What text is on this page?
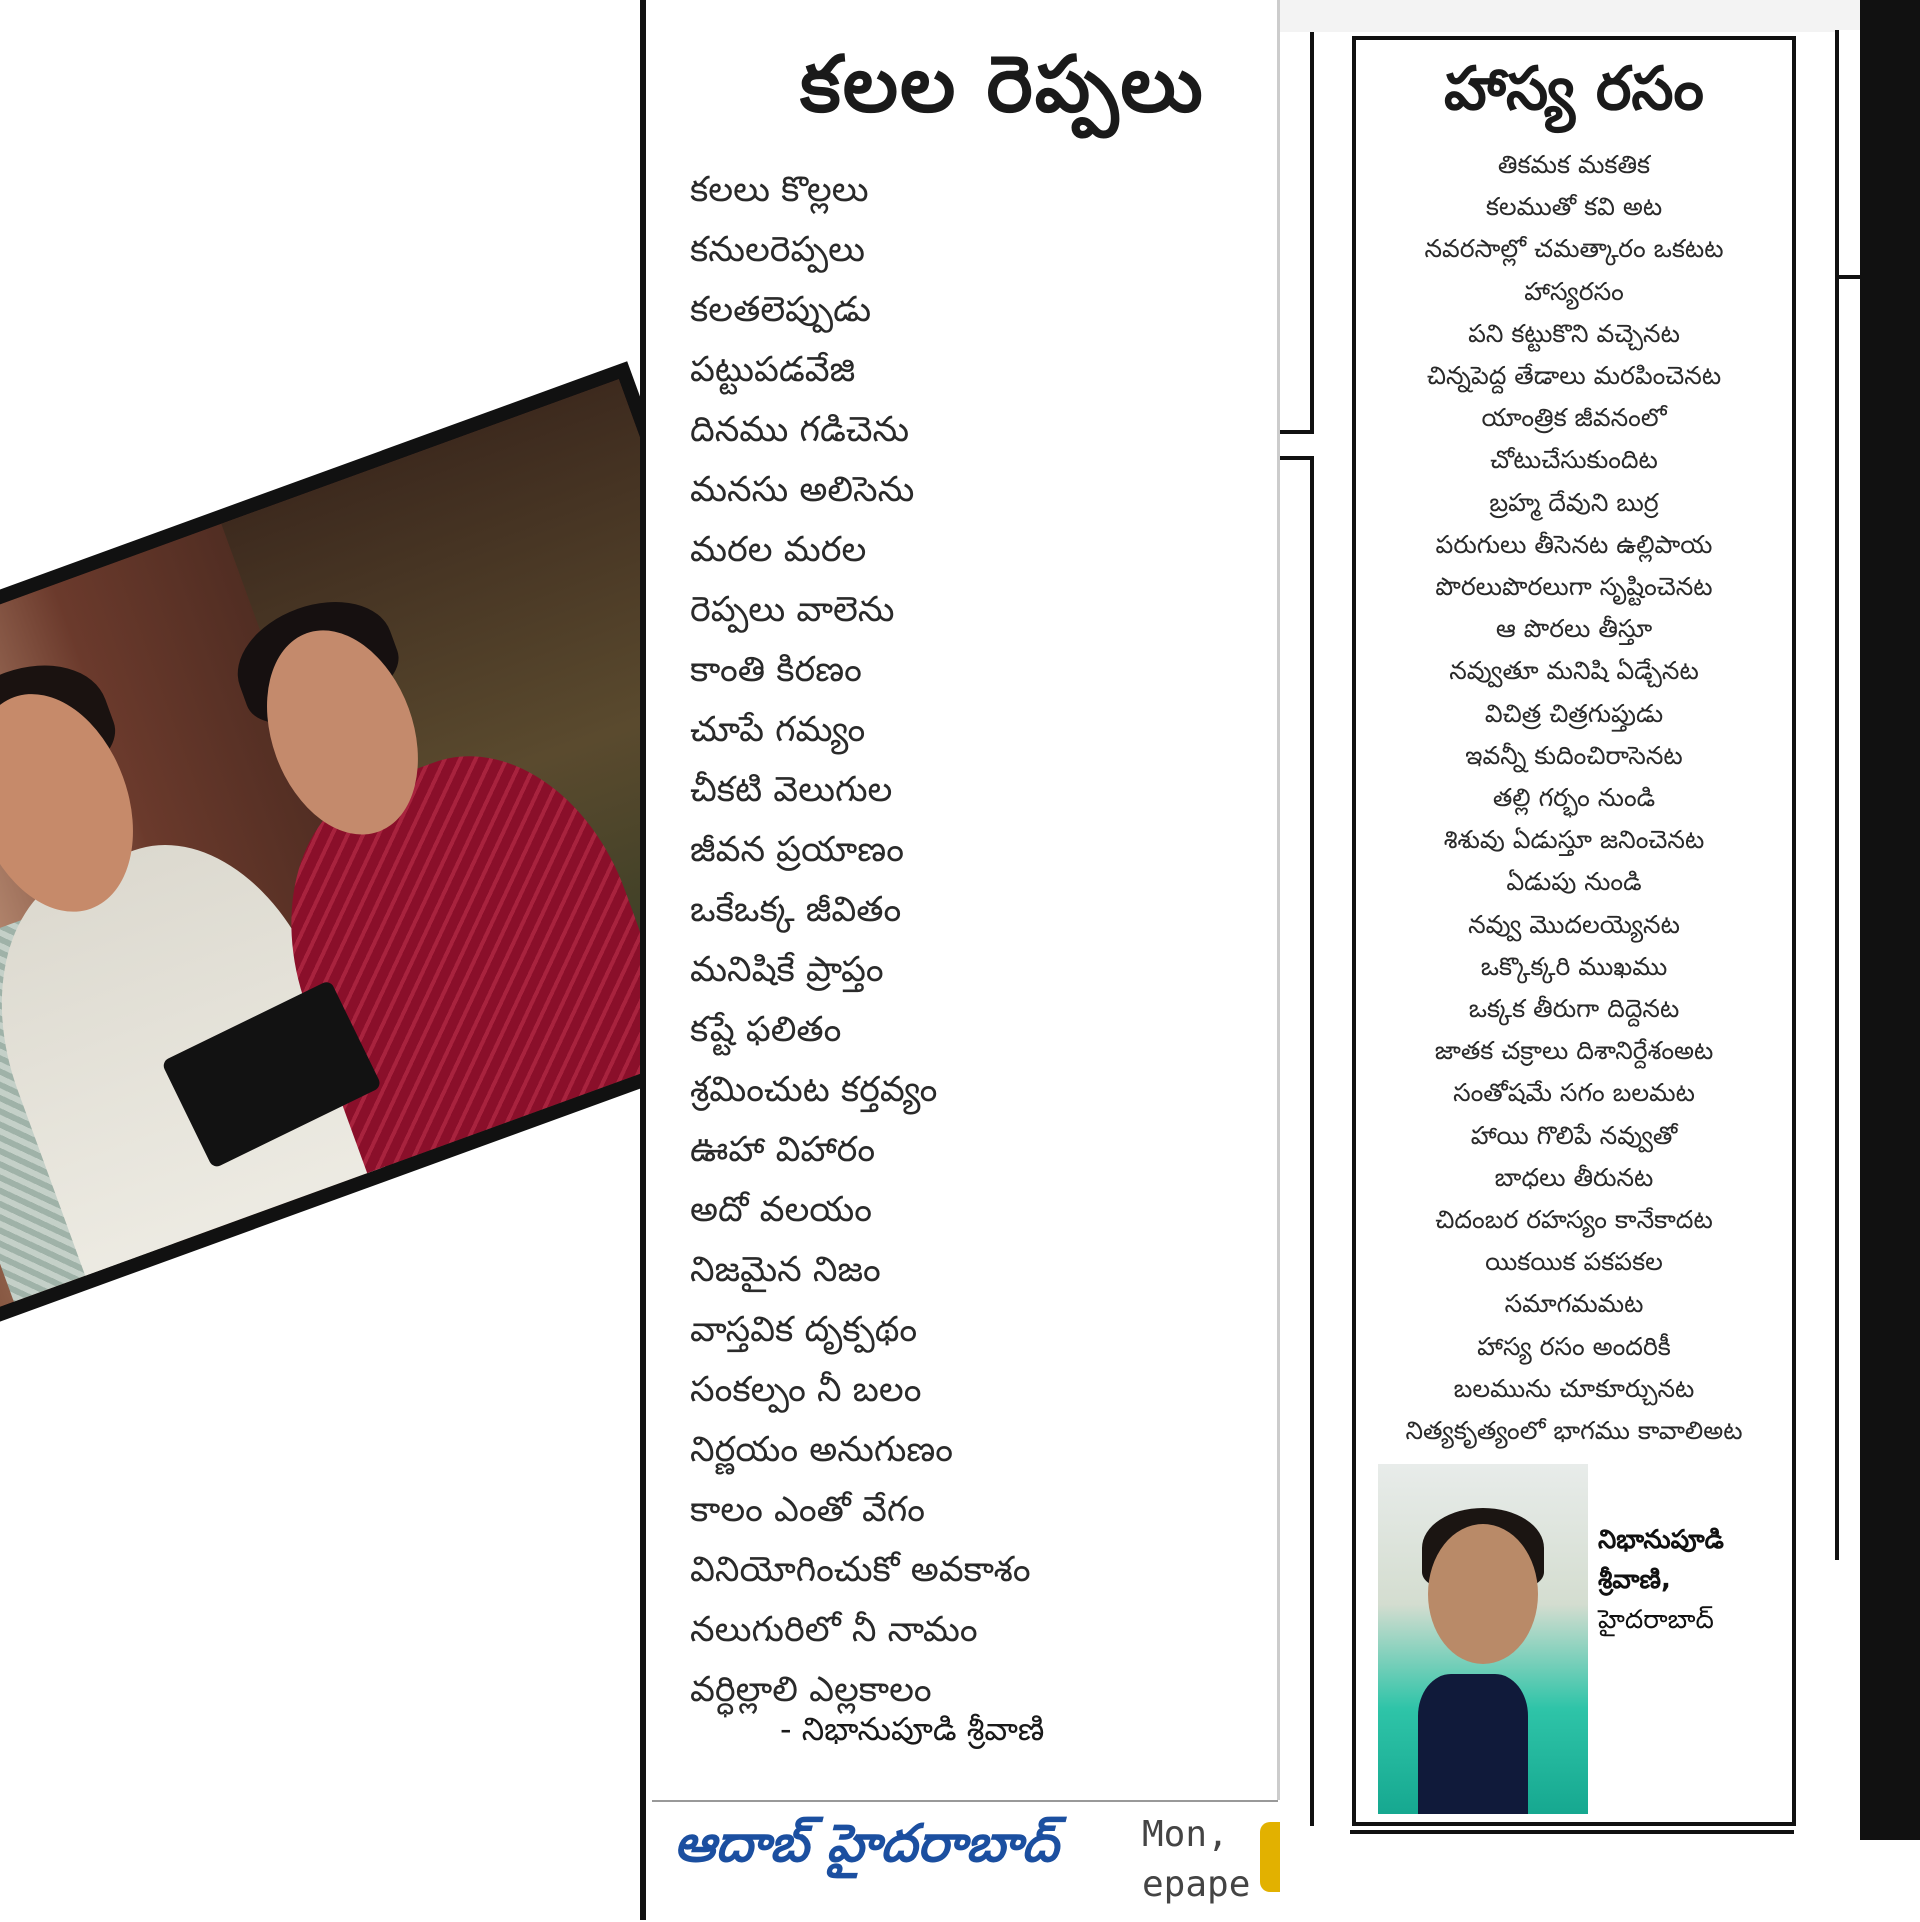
కలల రెప్పలు
కలలు కొల్లలు
కనులరెప్పలు
కలతలెప్పుడు
పట్టుపడవేజి
దినము గడిచెను
మనసు అలిసెను
మరల మరల
రెప్పలు వాలెను
కాంతి కిరణం
చూపే గమ్యం
చీకటి వెలుగుల
జీవన ప్రయాణం
ఒకేఒక్క జీవితం
మనిషికే ప్రాప్తం
కష్టే ఫలితం
శ్రమించుట కర్తవ్యం
ఊహా విహారం
అదో వలయం
నిజమైన నిజం
వాస్తవిక దృక్పథం
సంకల్పం నీ బలం
నిర్ణయం అనుగుణం
కాలం ఎంతో వేగం
వినియోగించుకో అవకాశం
నలుగురిలో నీ నామం
వర్ధిల్లాలి ఎల్లకాలం
- నిభానుపూడి శ్రీవాణి
ఆదాబ్ హైదరాబాద్ Mon,
epape
హాస్య రసం
తికమక మకతిక
కలముతో కవి అట
నవరసాల్లో చమత్కారం ఒకటట
హాస్యరసం
పని కట్టుకొని వచ్చెనట
చిన్నపెద్ద తేడాలు మరపించెనట
యాంత్రిక జీవనంలో
చోటుచేసుకుందిట
బ్రహ్మ దేవుని బుర్ర
పరుగులు తీసెనట ఉల్లిపాయ
పొరలుపొరలుగా సృష్టించెనట
ఆ పొరలు తీస్తూ
నవ్వుతూ మనిషి ఏడ్చేనట
విచిత్ర చిత్రగుప్తుడు
ఇవన్నీ కుదించిరాసెనట
తల్లి గర్భం నుండి
శిశువు ఏడుస్తూ జనించెనట
ఏడుపు నుండి
నవ్వు మొదలయ్యెనట
ఒక్కొక్కరి ముఖము
ఒక్కక తీరుగా దిద్దెనట
జాతక చక్రాలు దిశానిర్దేశంఅట
సంతోషమే సగం బలమట
హాయి గొలిపే నవ్వుతో
బాధలు తీరునట
చిదంబర రహస్యం కానేకాదట
యికయిక పకపకల
సమాగమమట
హాస్య రసం అందరికీ
బలమును చూకూర్చునట
నిత్యకృత్యంలో భాగము కావాలిఅట
నిభానుపూడి
శ్రీవాణి,
హైదరాబాద్
